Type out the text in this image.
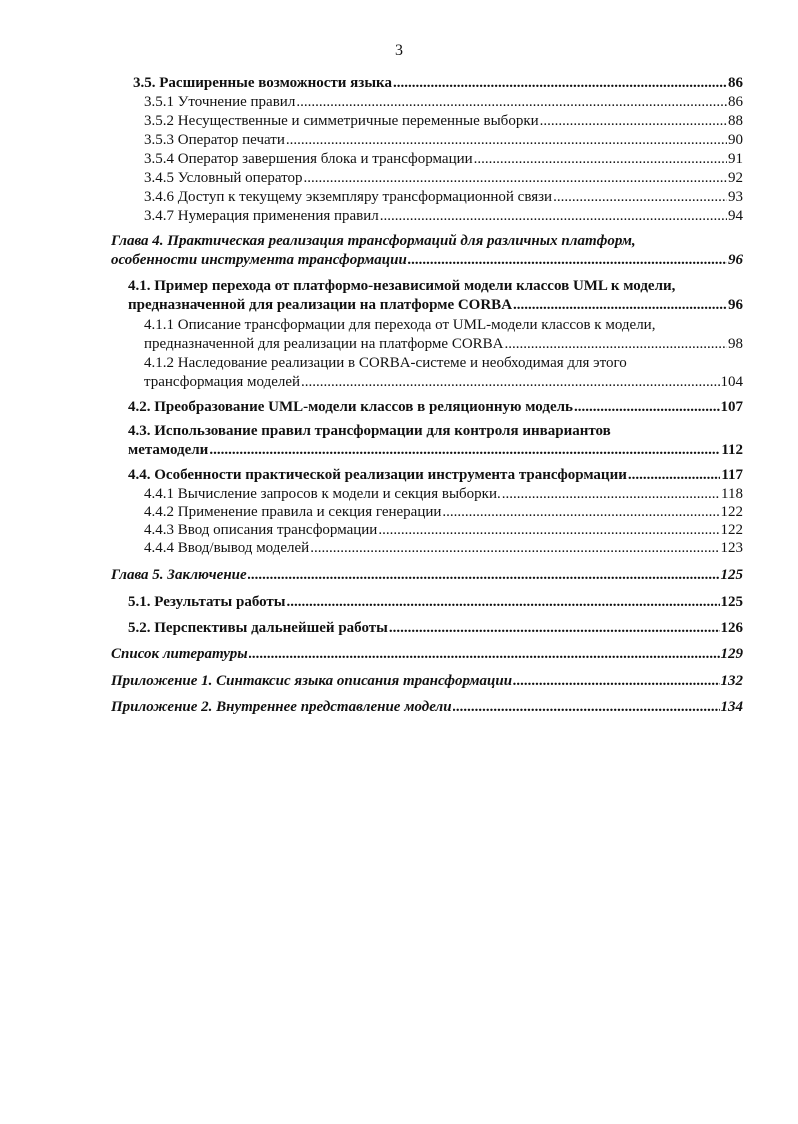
3
3.5. Расширенные возможности языка .....	86
3.5.1 Уточнение правил .....	86
3.5.2 Несущественные и симметричные переменные выборки .....	88
3.5.3 Оператор печати .....	90
3.5.4 Оператор завершения блока и трансформации .....	91
3.4.5 Условный оператор .....	92
3.4.6 Доступ к текущему экземпляру трансформационной связи .....	93
3.4.7 Нумерация применения правил .....	94
Глава 4. Практическая реализация трансформаций для различных платформ,
особенности инструмента трансформации .....	96
4.1. Пример перехода от платформо-независимой модели классов UML к модели,
предназначенной для реализации на платформе CORBA .....	96
4.1.1 Описание трансформации для перехода от UML-модели классов к модели,
предназначенной для реализации на платформе CORBA .....	98
4.1.2 Наследование реализации в CORBA-системе и необходимая для этого
трансформация моделей .....	104
4.2. Преобразование UML-модели классов в реляционную модель .....	107
4.3. Использование правил трансформации для контроля инвариантов
метамодели .....	112
4.4. Особенности практической реализации инструмента трансформации .....	117
4.4.1 Вычисление запросов к модели и секция выборки. .....	118
4.4.2 Применение правила и секция генерации .....	122
4.4.3 Ввод описания трансформации .....	122
4.4.4 Ввод/вывод моделей .....	123
Глава 5. Заключение .....	125
5.1. Результаты работы .....	125
5.2. Перспективы дальнейшей работы .....	126
Список литературы .....	129
Приложение 1. Синтаксис языка описания трансформации .....	132
Приложение 2. Внутреннее представление модели .....	134
